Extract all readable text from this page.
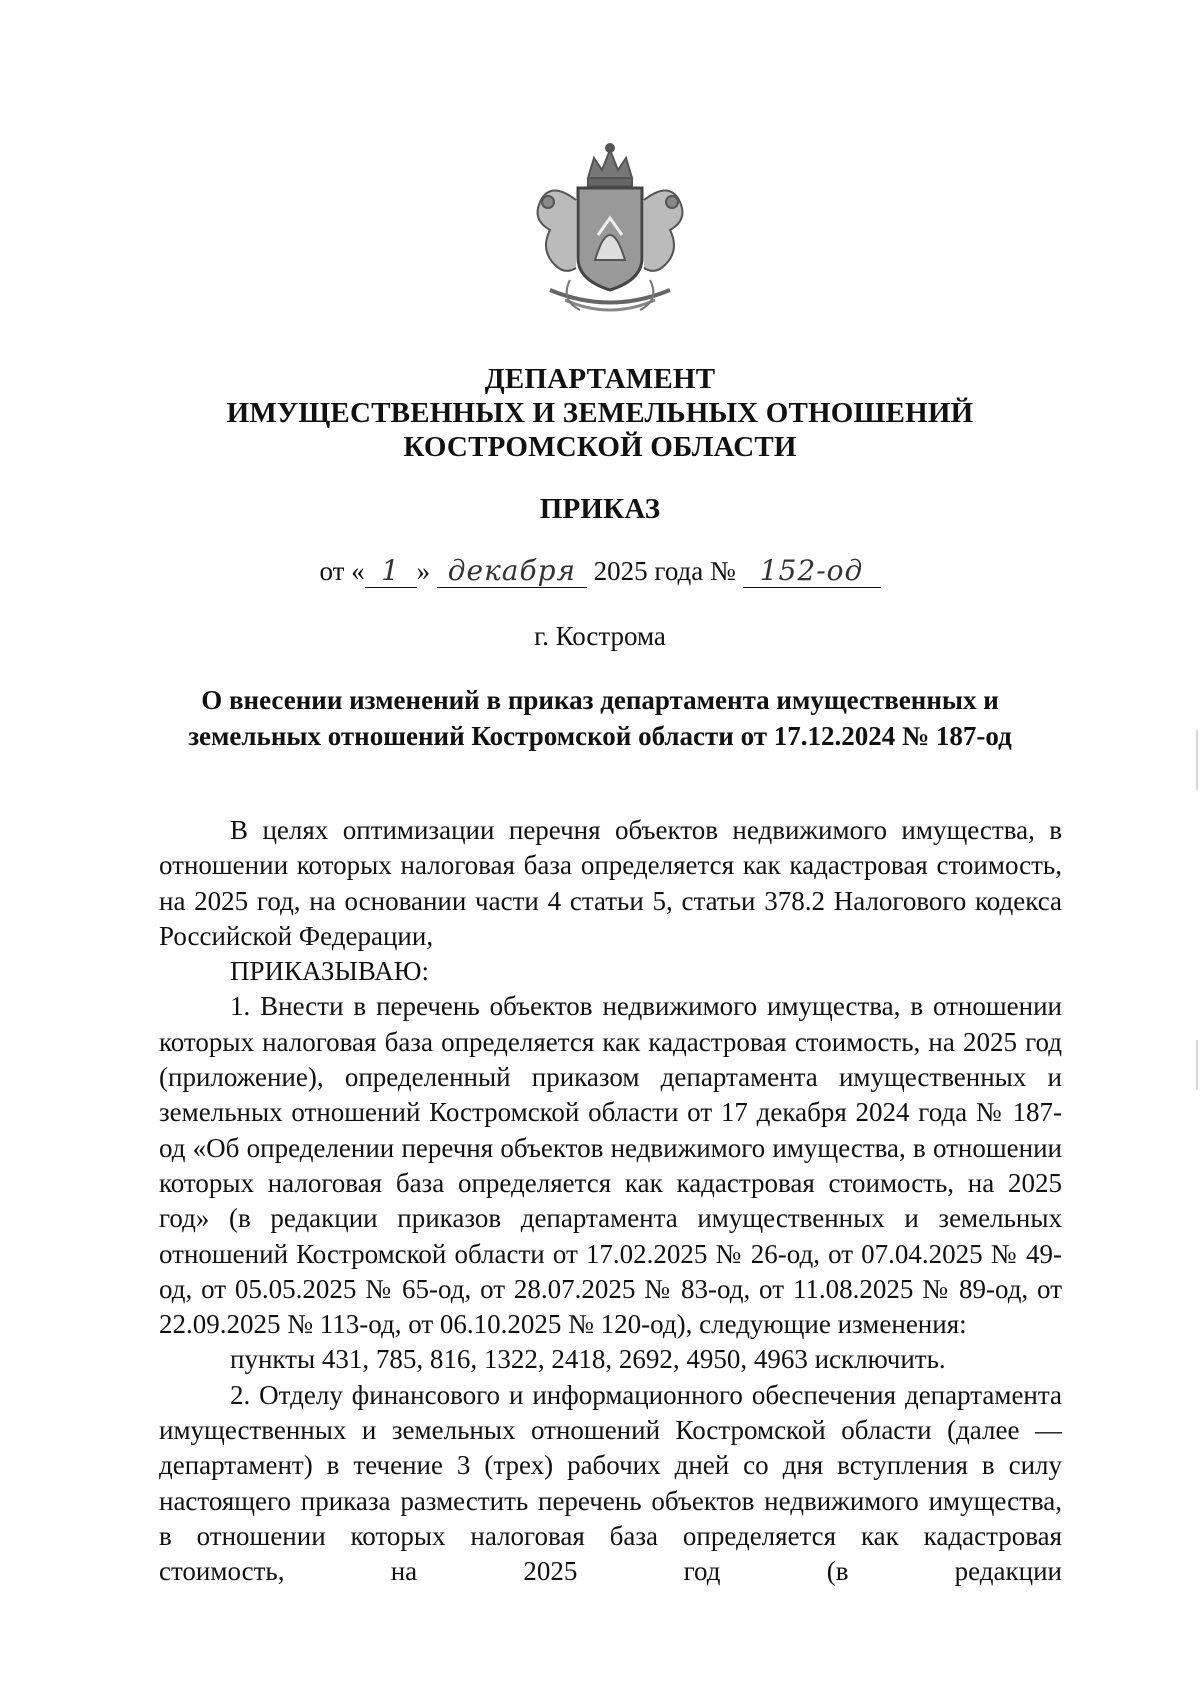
ДЕПАРТАМЕНТ
ИМУЩЕСТВЕННЫХ И ЗЕМЕЛЬНЫХ ОТНОШЕНИЙ
КОСТРОМСКОЙ ОБЛАСТИ
ПРИКАЗ
от « 1 » декабря 2025 года № 152-од
г. Кострома
О внесении изменений в приказ департамента имущественных и
земельных отношений Костромской области от 17.12.2024 № 187-од

В целях оптимизации перечня объектов недвижимого имущества, в отношении которых налоговая база определяется как кадастровая стоимость, на 2025 год, на основании части 4 статьи 5, статьи 378.2 Налогового кодекса Российской Федерации,

ПРИКАЗЫВАЮ:

1. Внести в перечень объектов недвижимого имущества, в отношении которых налоговая база определяется как кадастровая стоимость, на 2025 год (приложение), определенный приказом департамента имущественных и земельных отношений Костромской области от 17 декабря 2024 года № 187-од «Об определении перечня объектов недвижимого имущества, в отношении которых налоговая база определяется как кадастровая стоимость, на 2025 год» (в редакции приказов департамента имущественных и земельных отношений Костромской области от 17.02.2025 № 26-од, от 07.04.2025 № 49-од, от 05.05.2025 № 65-од, от 28.07.2025 № 83-од, от 11.08.2025 № 89-од, от 22.09.2025 № 113-од, от 06.10.2025 № 120-од), следующие изменения:

пункты 431, 785, 816, 1322, 2418, 2692, 4950, 4963 исключить.

2. Отделу финансового и информационного обеспечения департамента имущественных и земельных отношений Костромской области (далее — департамент) в течение 3 (трех) рабочих дней со дня вступления в силу настоящего приказа разместить перечень объектов недвижимого имущества, в отношении которых налоговая база определяется как кадастровая стоимость, на 2025 год (в редакции
